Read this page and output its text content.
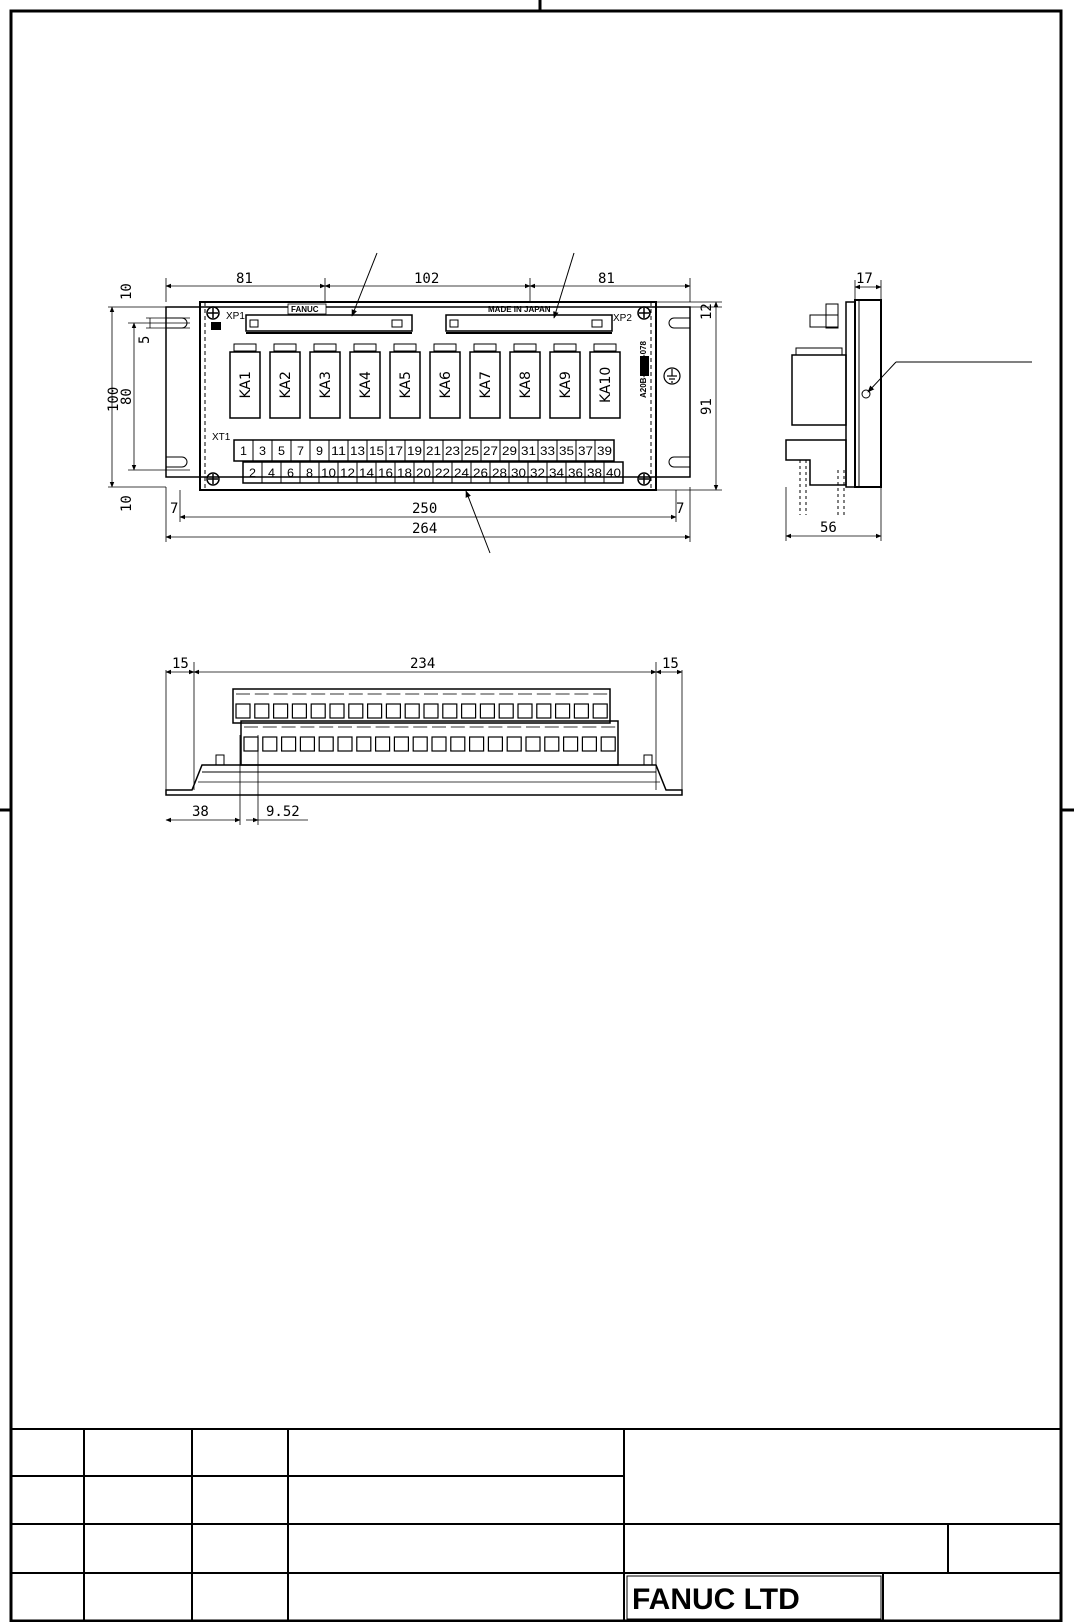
XP1	XP2
FANUC	MADE IN JAPAN
XT1
KA1 KA2 KA3 KA4 KA5 KA6 KA7 KA8 KA9 KA10
1 3 5 7 9 11 13 15 17 19 21 23 25 27 29 31 33 35 37 39
2 4 6 8 10 12 14 16 18 20 22 24 26 28 30 32 34 36 38 40
81	102	81
10
5
100
80
10
12
91
7	250	7
264
17
56
15	234	15
38	9.52
FANUC LTD
